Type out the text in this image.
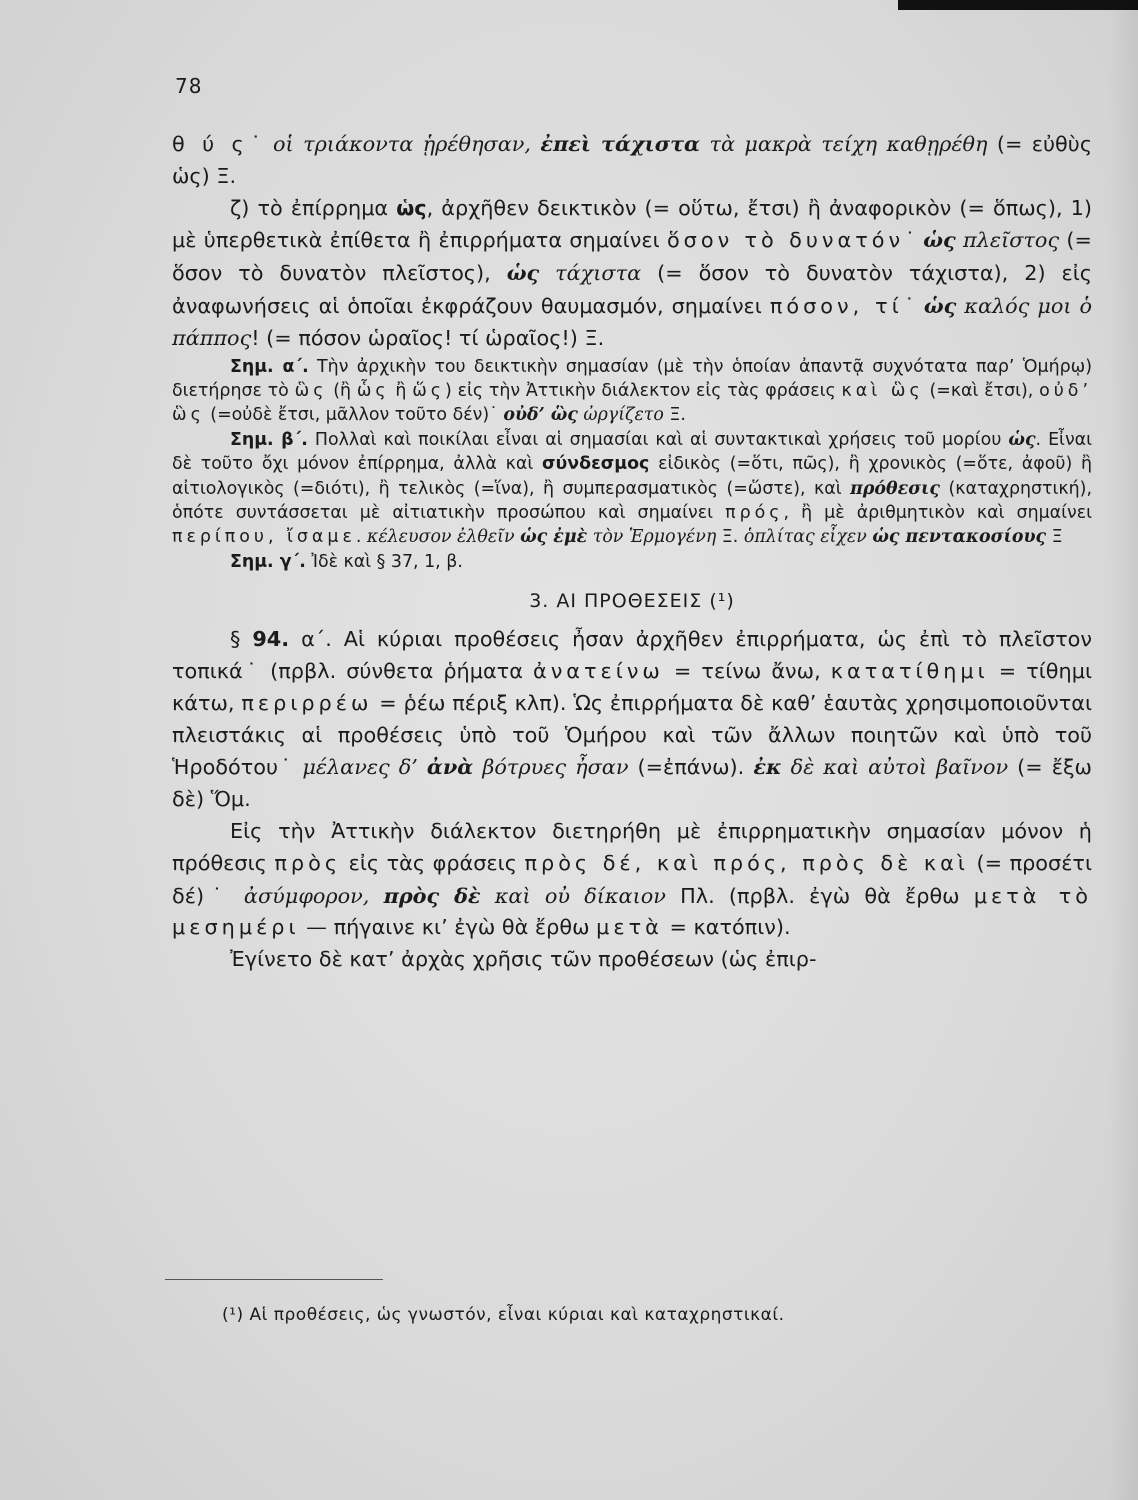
78

θ ύ ς˙ οἱ τριάκοντα ᾑρέθησαν, ἐπεὶ τάχιστα τὰ μακρὰ τείχη καθῃρέθη (= εὐθὺς ὡς) Ξ.

ζ) τὸ ἐπίρρημα ὡς, ἀρχῆθεν δεικτικὸν (= οὕτω, ἔτσι) ἢ ἀναφορικὸν (= ὅπως), 1) μὲ ὑπερθετικὰ ἐπίθετα ἢ ἐπιρρήματα σημαίνει ὅσον τὸ δυνατόν˙ ὡς πλεῖστος (= ὅσον τὸ δυνατὸν πλεῖστος), ὡς τάχιστα (= ὅσον τὸ δυνατὸν τάχιστα), 2) εἰς ἀναφωνήσεις αἱ ὁποῖαι ἐκφράζουν θαυμασμόν, σημαίνει πόσον, τί˙ ὡς καλός μοι ὁ πάππος! (= πόσον ὡραῖος! τί ὡραῖος!) Ξ.

Σημ. α΄. Τὴν ἀρχικὴν του δεικτικὴν σημασίαν (μὲ τὴν ὁποίαν ἀπαντᾷ συχνότατα παρ’ Ὁμήρῳ) διετήρησε τὸ ὣς (ἢ ὧς ἢ ὥς) εἰς τὴν Ἀττικὴν διάλεκτον εἰς τὰς φράσεις καὶ ὣς (=καὶ ἔτσι), οὐδ’ ὣς (=οὐδὲ ἔτσι, μᾶλλον τοῦτο δέν)˙ οὐδ’ ὣς ὠργίζετο Ξ.

Σημ. β΄. Πολλαὶ καὶ ποικίλαι εἶναι αἱ σημασίαι καὶ αἱ συντακτικαὶ χρήσεις τοῦ μορίου ὡς. Εἶναι δὲ τοῦτο ὄχι μόνον ἐπίρρημα, ἀλλὰ καὶ σύνδεσμος εἰδικὸς (=ὅτι, πῶς), ἢ χρονικὸς (=ὅτε, ἀφοῦ) ἢ αἰτιολογικὸς (=διότι), ἢ τελικὸς (=ἵνα), ἢ συμπερασματικὸς (=ὥστε), καὶ πρόθεσις (καταχρηστική), ὁπότε συντάσσεται μὲ αἰτιατικὴν προσώπου καὶ σημαίνει πρός, ἢ μὲ ἀριθμητικὸν καὶ σημαίνει περίπου, ἴσαμε. κέλευσον ἐλθεῖν ὡς ἐμὲ τὸν Ἑρμογένη Ξ. ὁπλίτας εἶχεν ὡς πεντακοσίους Ξ

Σημ. γ΄. Ἰδὲ καὶ § 37, 1, β.

3. ΑΙ ΠΡΟΘΕΣΕΙΣ (¹)

§ 94. α΄. Αἱ κύριαι προθέσεις ἦσαν ἀρχῆθεν ἐπιρρήματα, ὡς ἐπὶ τὸ πλεῖστον τοπικά˙ (πρβλ. σύνθετα ῥήματα ἀνατείνω = τείνω ἄνω, κατατίθημι = τίθημι κάτω, περιρρέω = ῥέω πέριξ κλπ). Ὡς ἐπιρρήματα δὲ καθ’ ἑαυτὰς χρησιμοποιοῦνται πλειστάκις αἱ προθέσεις ὑπὸ τοῦ Ὁμήρου καὶ τῶν ἄλλων ποιητῶν καὶ ὑπὸ τοῦ Ἡροδότου˙ μέλανες δ’ ἀνὰ βότρυες ἦσαν (=ἐπάνω). ἐκ δὲ καὶ αὐτοὶ βαῖνον (= ἔξω δὲ) Ὅμ.

Εἰς τὴν Ἀττικὴν διάλεκτον διετηρήθη μὲ ἐπιρρηματικὴν σημασίαν μόνον ἡ πρόθεσις πρὸς εἰς τὰς φράσεις πρὸς δέ, καὶ πρός, πρὸς δὲ καὶ (= προσέτι δέ)˙ ἀσύμφορον, πρὸς δὲ καὶ οὐ δίκαιον Πλ. (πρβλ. ἐγὼ θὰ ἔρθω μετὰ τὸ μεσημέρι — πήγαινε κι’ ἐγὼ θὰ ἔρθω μετὰ = κατόπιν).

Ἐγίνετο δὲ κατ’ ἀρχὰς χρῆσις τῶν προθέσεων (ὡς ἐπιρ-

(¹) Αἱ προθέσεις, ὡς γνωστόν, εἶναι κύριαι καὶ καταχρηστικαί.
